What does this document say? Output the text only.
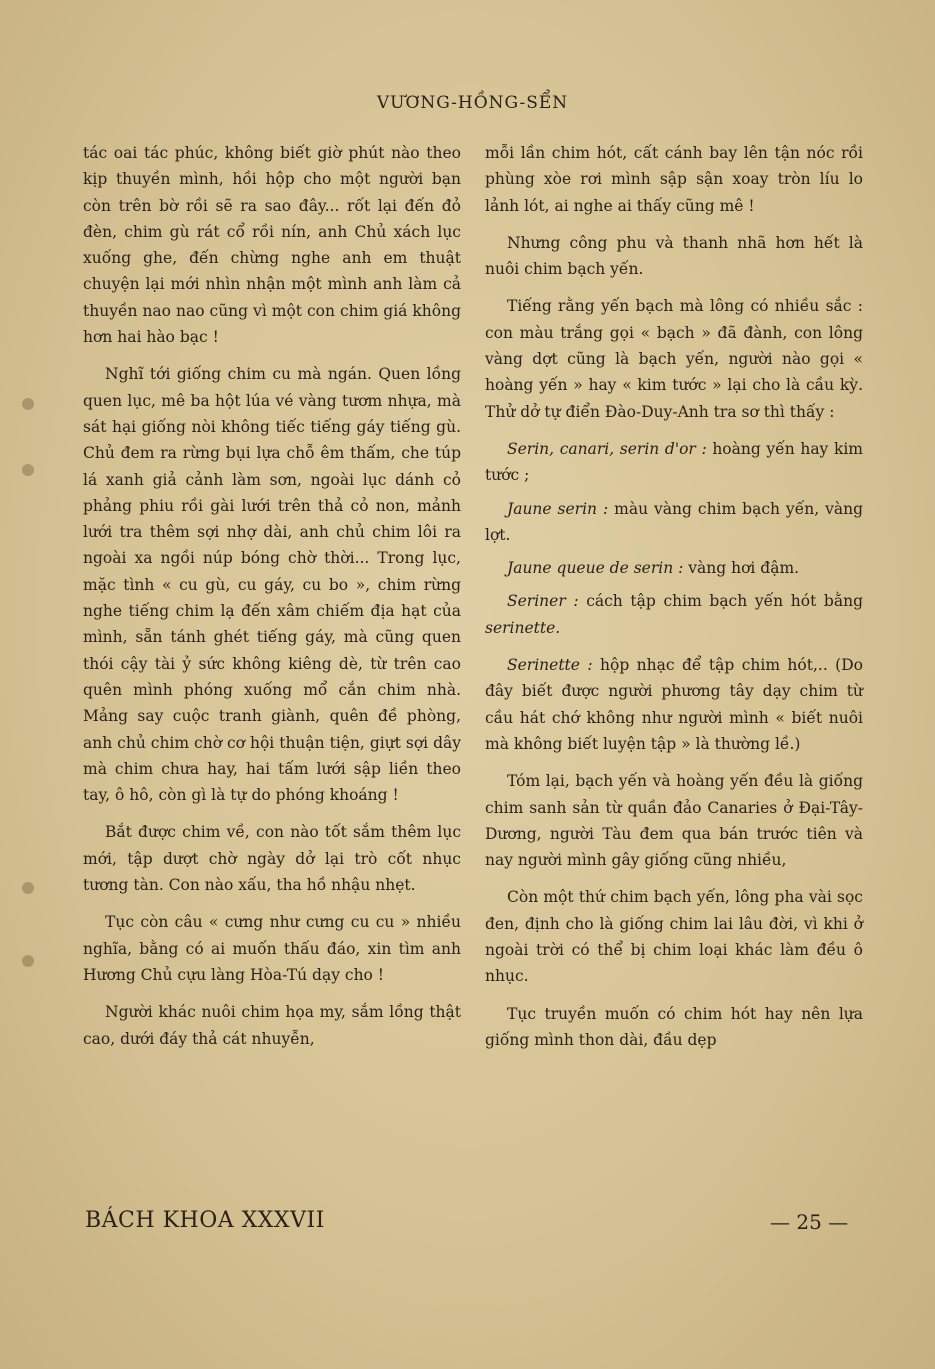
VƯƠNG-HỒNG-SỂN

tác oai tác phúc, không biết giờ phút nào theo kịp thuyền mình, hồi hộp cho một người bạn còn trên bờ rồi sẽ ra sao đây... rốt lại đến đỏ đèn, chim gù rát cổ rồi nín, anh Chủ xách lục xuống ghe, đến chừng nghe anh em thuật chuyện lại mới nhìn nhận một mình anh làm cả thuyền nao nao cũng vì một con chim giá không hơn hai hào bạc !

Nghĩ tới giống chim cu mà ngán. Quen lồng quen lục, mê ba hột lúa vé vàng tươm nhựa, mà sát hại giống nòi không tiếc tiếng gáy tiếng gù. Chủ đem ra rừng bụi lựa chỗ êm thấm, che túp lá xanh giả cảnh làm sơn, ngoài lục dánh cỏ phảng phiu rồi gài lưới trên thả cỏ non, mảnh lưới tra thêm sợi nhợ dài, anh chủ chim lôi ra ngoài xa ngồi núp bóng chờ thời... Trong lục, mặc tình « cu gù, cu gáy, cu bo », chim rừng nghe tiếng chim lạ đến xâm chiếm địa hạt của mình, sẵn tánh ghét tiếng gáy, mà cũng quen thói cậy tài ỷ sức không kiêng dè, từ trên cao quên mình phóng xuống mổ cắn chim nhà. Mảng say cuộc tranh giành, quên đề phòng, anh chủ chim chờ cơ hội thuận tiện, giựt sợi dây mà chim chưa hay, hai tấm lưới sập liền theo tay, ô hô, còn gì là tự do phóng khoáng !

Bắt được chim về, con nào tốt sắm thêm lục mới, tập dượt chờ ngày dở lại trò cốt nhục tương tàn. Con nào xấu, tha hồ nhậu nhẹt.

Tục còn câu « cưng như cưng cu cu » nhiều nghĩa, bằng có ai muốn thấu đáo, xin tìm anh Hương Chủ cựu làng Hòa-Tú dạy cho !

Người khác nuôi chim họa my, sắm lồng thật cao, dưới đáy thả cát nhuyễn,

mỗi lần chim hót, cất cánh bay lên tận nóc rồi phùng xòe rơi mình sập sận xoay tròn líu lo lảnh lót, ai nghe ai thấy cũng mê !

Nhưng công phu và thanh nhã hơn hết là nuôi chim bạch yến.

Tiếng rằng yến bạch mà lông có nhiều sắc : con màu trắng gọi « bạch » đã đành, con lông vàng dợt cũng là bạch yến, người nào gọi « hoàng yến » hay « kim tước » lại cho là cầu kỳ. Thử dở tự điển Đào-Duy-Anh tra sơ thì thấy :

Serin, canari, serin d'or : hoàng yến hay kim tước ;

Jaune serin : màu vàng chim bạch yến, vàng lợt.

Jaune queue de serin : vàng hơi đậm.

Seriner : cách tập chim bạch yến hót bằng serinette.

Serinette : hộp nhạc để tập chim hót,.. (Do đây biết được người phương tây dạy chim từ cầu hát chớ không như người mình « biết nuôi mà không biết luyện tập » là thường lề.)

Tóm lại, bạch yến và hoàng yến đều là giống chim sanh sản từ quần đảo Canaries ở Đại-Tây-Dương, người Tàu đem qua bán trước tiên và nay người mình gây giống cũng nhiều,

Còn một thứ chim bạch yến, lông pha vài sọc đen, định cho là giống chim lai lâu đời, vì khi ở ngoài trời có thể bị chim loại khác làm đều ô nhục.

Tục truyền muốn có chim hót hay nên lựa giống mình thon dài, đầu dẹp

BÁCH KHOA XXXVII	— 25 —
